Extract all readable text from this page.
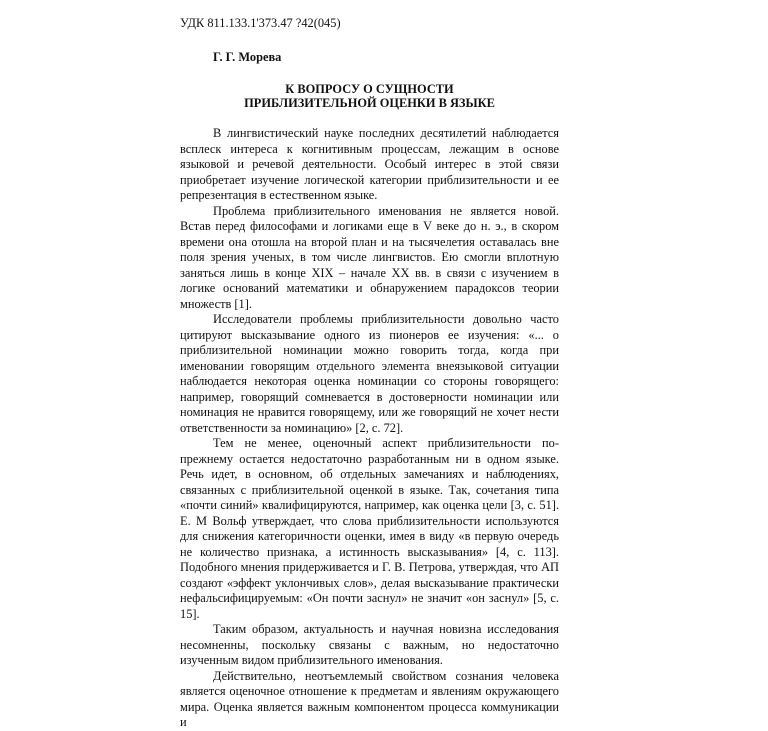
УДК 811.133.1'373.47 ?42(045)
Г. Г. Морева
К ВОПРОСУ О СУЩНОСТИ
ПРИБЛИЗИТЕЛЬНОЙ ОЦЕНКИ В ЯЗЫКЕ

В лингвистический науке последних десятилетий наблюдается всплеск интереса к когнитивным процессам, лежащим в основе языковой и речевой деятельности. Особый интерес в этой связи приобретает изучение логической категории приблизительности и ее репрезентация в естественном языке.

Проблема приблизительного именования не является новой. Встав перед философами и логиками еще в V веке до н. э., в скором времени она отошла на второй план и на тысячелетия оставалась вне поля зрения ученых, в том числе лингвистов. Ею смогли вплотную заняться лишь в конце XIX – начале XX вв. в связи с изучением в логике оснований математики и обнаружением парадоксов теории множеств [1].

Исследователи проблемы приблизительности довольно часто цитируют высказывание одного из пионеров ее изучения: «... о приблизительной номинации можно говорить тогда, когда при именовании говорящим отдельного элемента внеязыковой ситуации наблюдается некоторая оценка номинации со стороны говорящего: например, говорящий сомневается в достоверности номинации или номинация не нравится говорящему, или же говорящий не хочет нести ответственности за номинацию» [2, с. 72].

Тем не менее, оценочный аспект приблизительности по-прежнему остается недостаточно разработанным ни в одном языке. Речь идет, в основном, об отдельных замечаниях и наблюдениях, связанных с приблизительной оценкой в языке. Так, сочетания типа «почти синий» квалифицируются, например, как оценка цели [3, с. 51]. Е. М Вольф утверждает, что слова приблизительности используются для снижения категоричности оценки, имея в виду «в первую очередь не количество признака, а истинность высказывания» [4, с. 113]. Подобного мнения придерживается и Г. В. Петрова, утверждая, что АП создают «эффект уклончивых слов», делая высказывание практически нефальсифицируемым: «Он почти заснул» не значит «он заснул» [5, с. 15].

Таким образом, актуальность и научная новизна исследования несомненны, поскольку связаны с важным, но недостаточно изученным видом приблизительного именования.

Действительно, неотъемлемый свойством сознания человека является оценочное отношение к предметам и явлениям окружающего мира. Оценка является важным компонентом процесса коммуникации и
